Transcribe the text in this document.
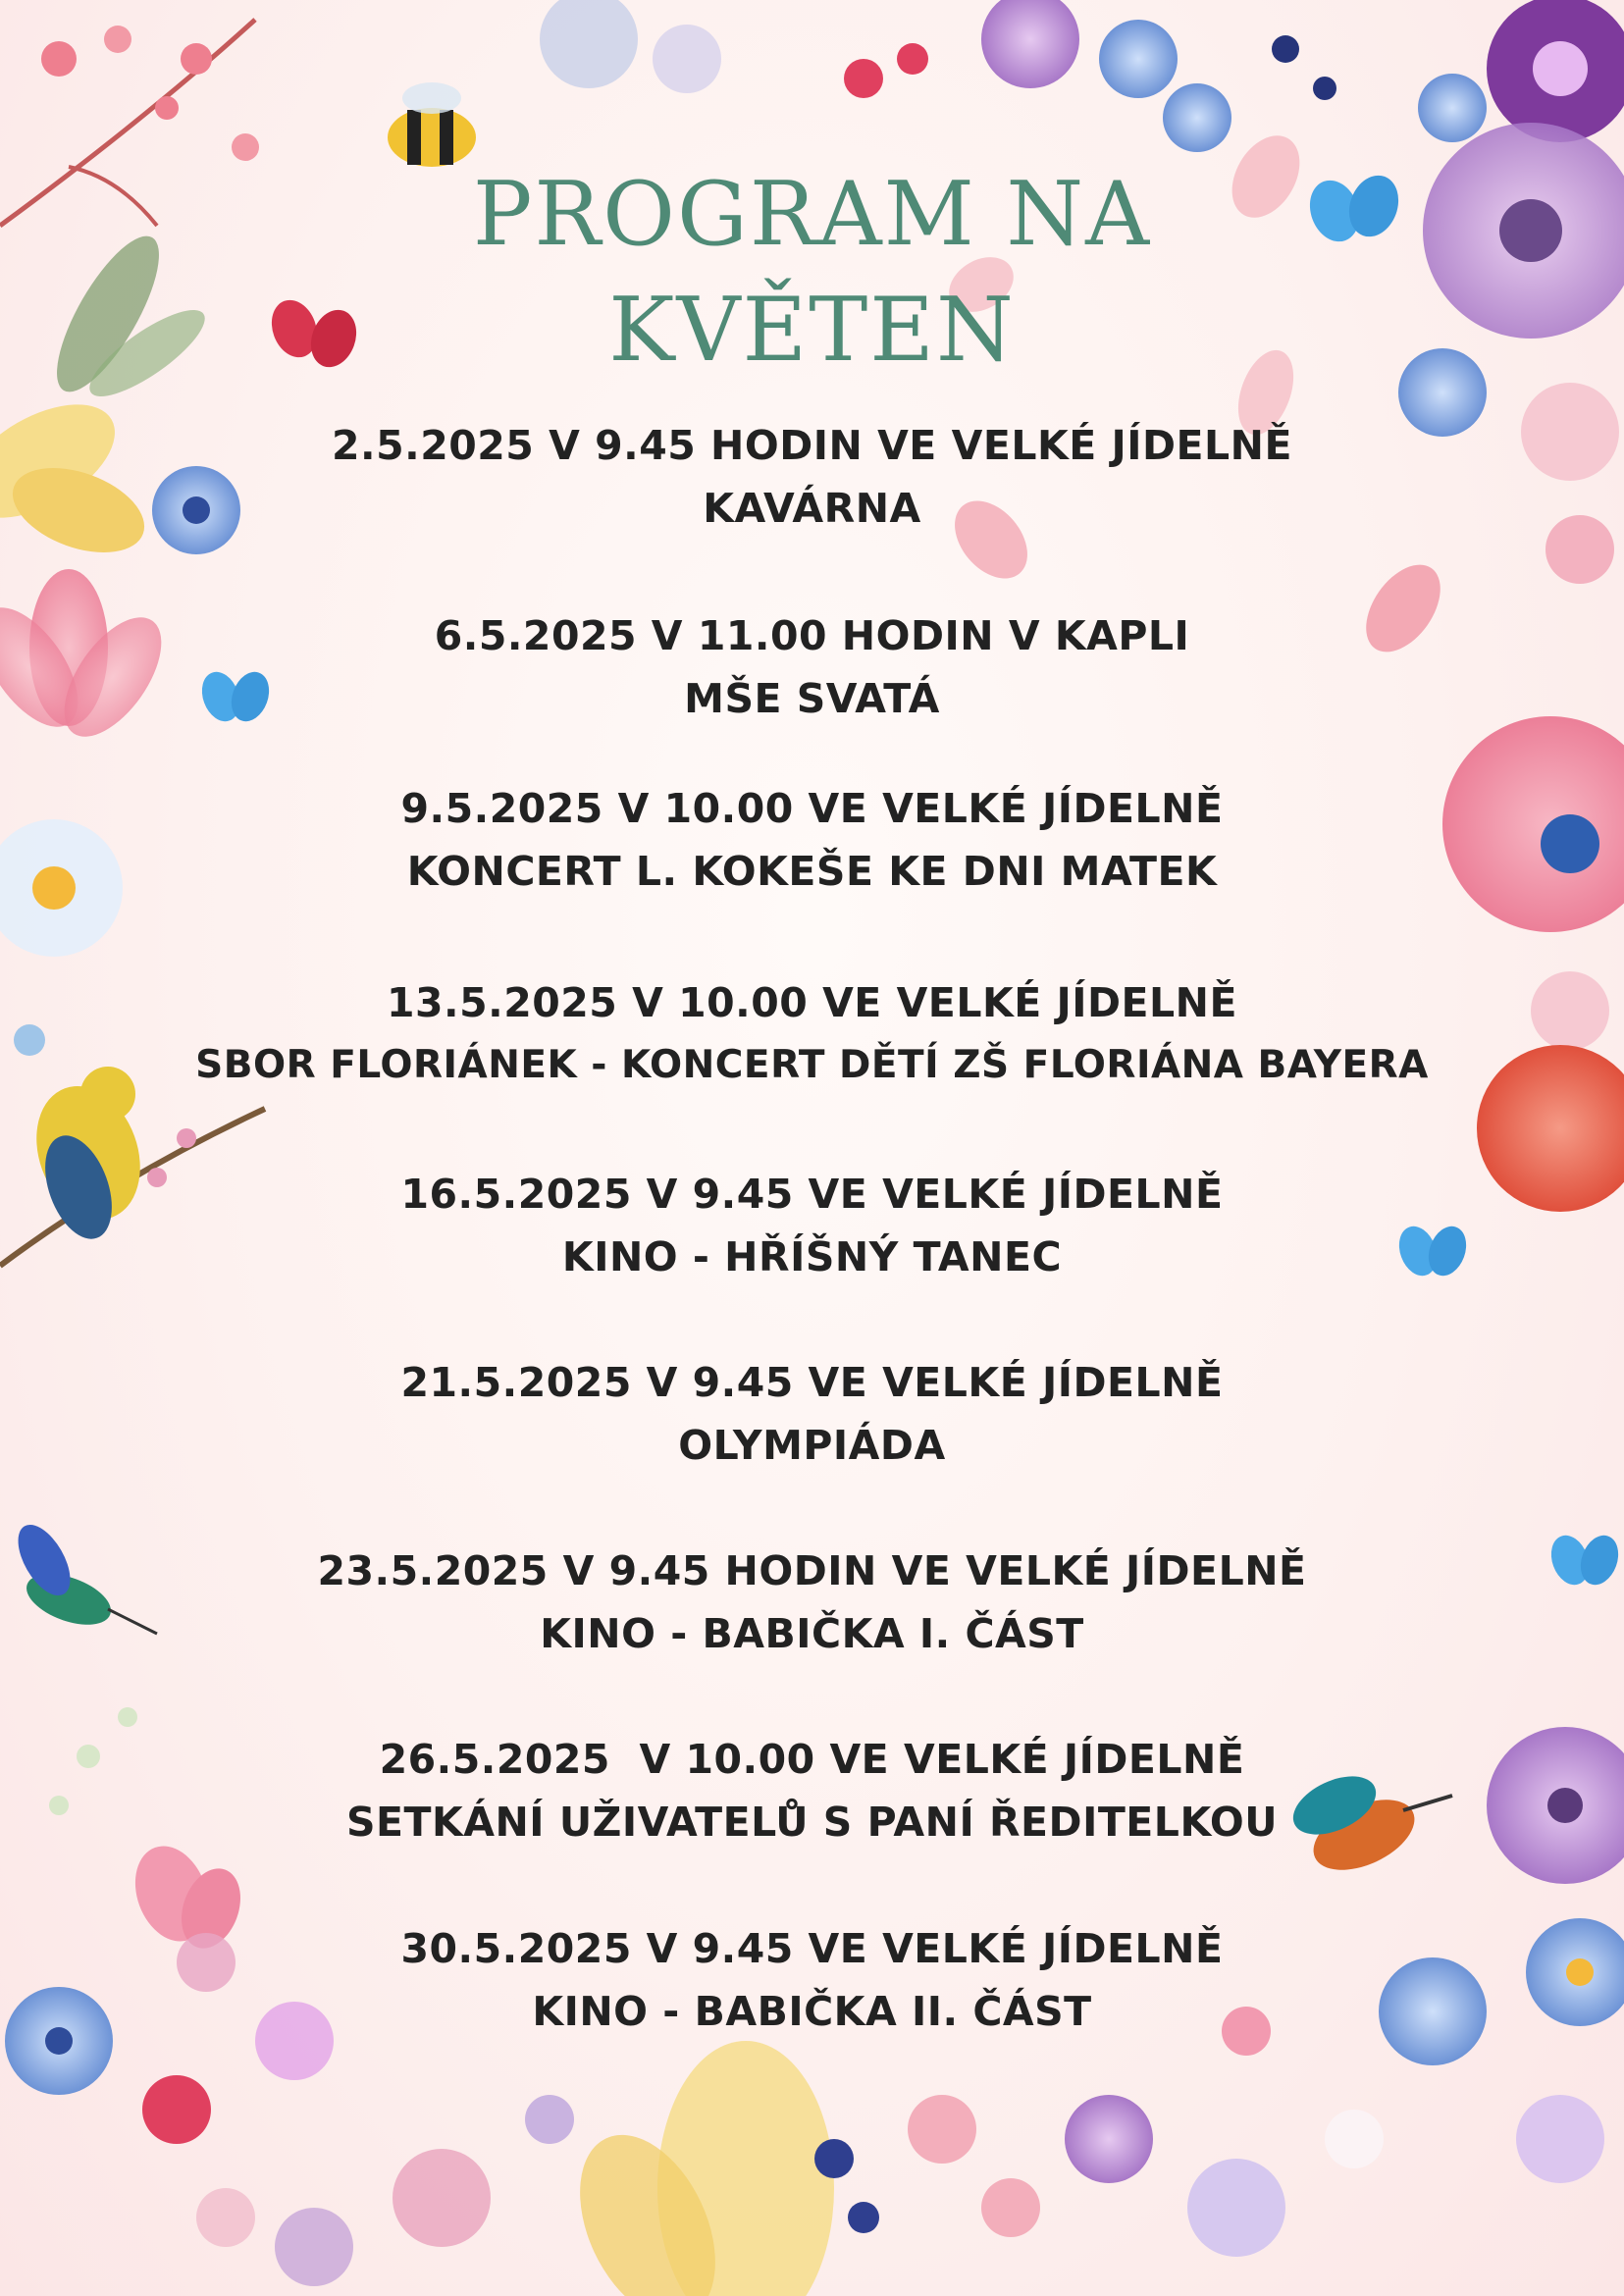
PROGRAM NA
KVĚTEN
2.5.2025 V 9.45 HODIN VE VELKÉ JÍDELNĚ
KAVÁRNA
6.5.2025 V 11.00 HODIN V KAPLI
MŠE SVATÁ
9.5.2025 V 10.00 VE VELKÉ JÍDELNĚ
KONCERT L. KOKEŠE KE DNI MATEK
13.5.2025 V 10.00 VE VELKÉ JÍDELNĚ
SBOR FLORIÁNEK - KONCERT DĚTÍ ZŠ FLORIÁNA BAYERA
16.5.2025 V 9.45 VE VELKÉ JÍDELNĚ
KINO - HŘÍŠNÝ TANEC
21.5.2025 V 9.45 VE VELKÉ JÍDELNĚ
OLYMPIÁDA
23.5.2025 V 9.45 HODIN VE VELKÉ JÍDELNĚ
KINO - BABIČKA I. ČÁST
26.5.2025  V 10.00 VE VELKÉ JÍDELNĚ
SETKÁNÍ UŽIVATELŮ S PANÍ ŘEDITELKOU
30.5.2025 V 9.45 VE VELKÉ JÍDELNĚ
KINO - BABIČKA II. ČÁST
